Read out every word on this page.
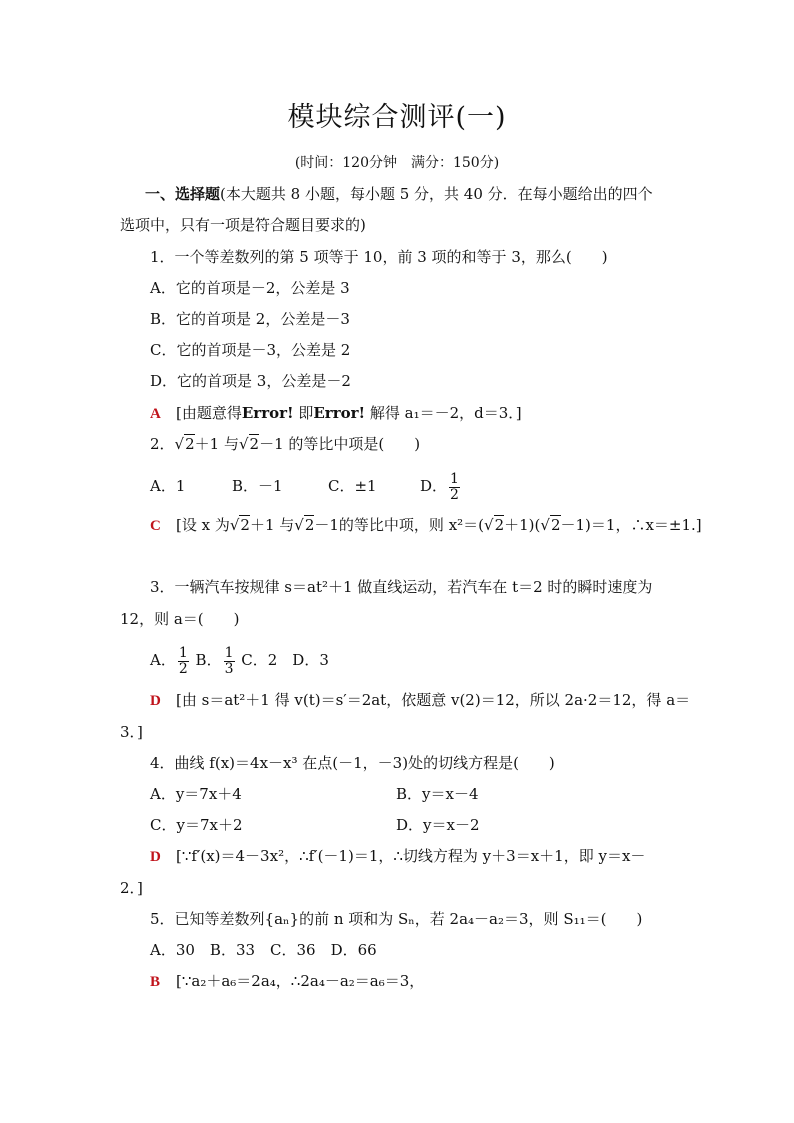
模块综合测评(一)
(时间：120分钟　满分：150分)
一、选择题(本大题共 8 小题，每小题 5 分，共 40 分．在每小题给出的四个
选项中，只有一项是符合题目要求的)
1．一个等差数列的第 5 项等于 10，前 3 项的和等于 3，那么(　　)
A．它的首项是－2，公差是 3
B．它的首项是 2，公差是－3
C．它的首项是－3，公差是 2
D．它的首项是 3，公差是－2
A [由题意得Error! 即Error! 解得 a₁＝－2，d＝3．]
2．√2＋1 与√2－1 的等比中项是(　　)
A．1	B．－1	C．±1	D． $\frac{1}{2}$
C [设 x 为√2＋1 与√2－1的等比中项，则 x²＝(√2＋1)(√2－1)＝1，∴x＝±1.]
3．一辆汽车按规律 s＝at²＋1 做直线运动，若汽车在 t＝2 时的瞬时速度为
12，则 a＝(　　)
A． $\frac{1}{2}$ B． $\frac{1}{3}$ C．2　D．3
D [由 s＝at²＋1 得 v(t)＝s′＝2at，依题意 v(2)＝12，所以 2a·2＝12，得 a＝
3．]
4．曲线 f(x)＝4x－x³ 在点(－1，－3)处的切线方程是(　　)
A．y＝7x＋4	B．y＝x－4
C．y＝7x＋2	D．y＝x－2
D [∵f′(x)＝4－3x²，∴f′(－1)＝1，∴切线方程为 y＋3＝x＋1，即 y＝x－
2．]
5．已知等差数列{aₙ}的前 n 项和为 Sₙ，若 2a₄－a₂＝3，则 S₁₁＝(　　)
A．30　B．33　C．36　D．66
B [∵a₂＋a₆＝2a₄，∴2a₄－a₂＝a₆＝3，
